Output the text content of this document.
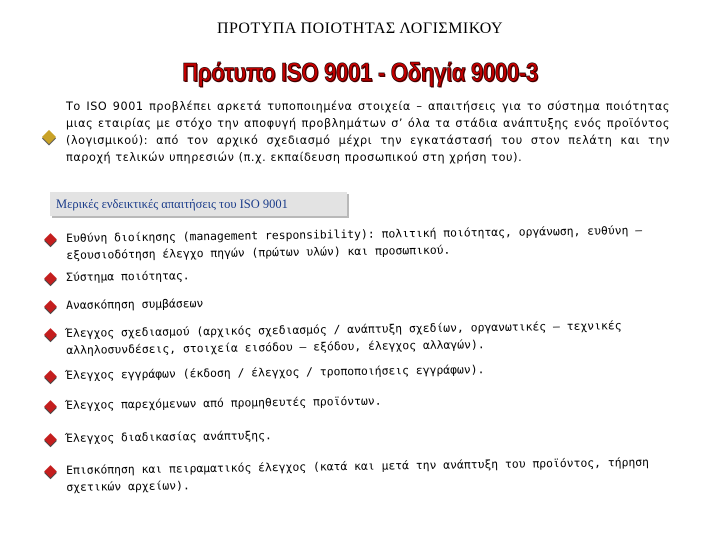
ΠΡΟΤΥΠΑ ΠΟΙΟΤΗΤΑΣ ΛΟΓΙΣΜΙΚΟΥ
Πρότυπο ISO 9001 - Οδηγία 9000-3
Το ISO 9001 προβλέπει αρκετά τυποποιημένα στοιχεία – απαιτήσεις για το σύστημα ποιότητας μιας εταιρίας με στόχο την αποφυγή προβλημάτων σ’ όλα τα στάδια ανάπτυξης ενός προϊόντος (λογισμικού): από τον αρχικό σχεδιασμό μέχρι την εγκατάστασή του στον πελάτη και την παροχή τελικών υπηρεσιών (π.χ. εκπαίδευση προσωπικού στη χρήση του).
Μερικές ενδεικτικές απαιτήσεις του ISO 9001
Ευθύνη διοίκησης (management responsibility): πολιτική ποιότητας, οργάνωση, ευθύνη – εξουσιοδότηση έλεγχο πηγών (πρώτων υλών) και προσωπικού.
Σύστημα ποιότητας.
Ανασκόπηση συμβάσεων
Έλεγχος σχεδιασμού (αρχικός σχεδιασμός / ανάπτυξη σχεδίων, οργανωτικές – τεχνικές αλληλοσυνδέσεις, στοιχεία εισόδου – εξόδου, έλεγχος αλλαγών).
Έλεγχος εγγράφων (έκδοση / έλεγχος / τροποποιήσεις εγγράφων).
Έλεγχος παρεχόμενων από προμηθευτές προϊόντων.
Έλεγχος διαδικασίας ανάπτυξης.
Επισκόπηση και πειραματικός έλεγχος (κατά και μετά την ανάπτυξη του προϊόντος, τήρηση σχετικών αρχείων).
